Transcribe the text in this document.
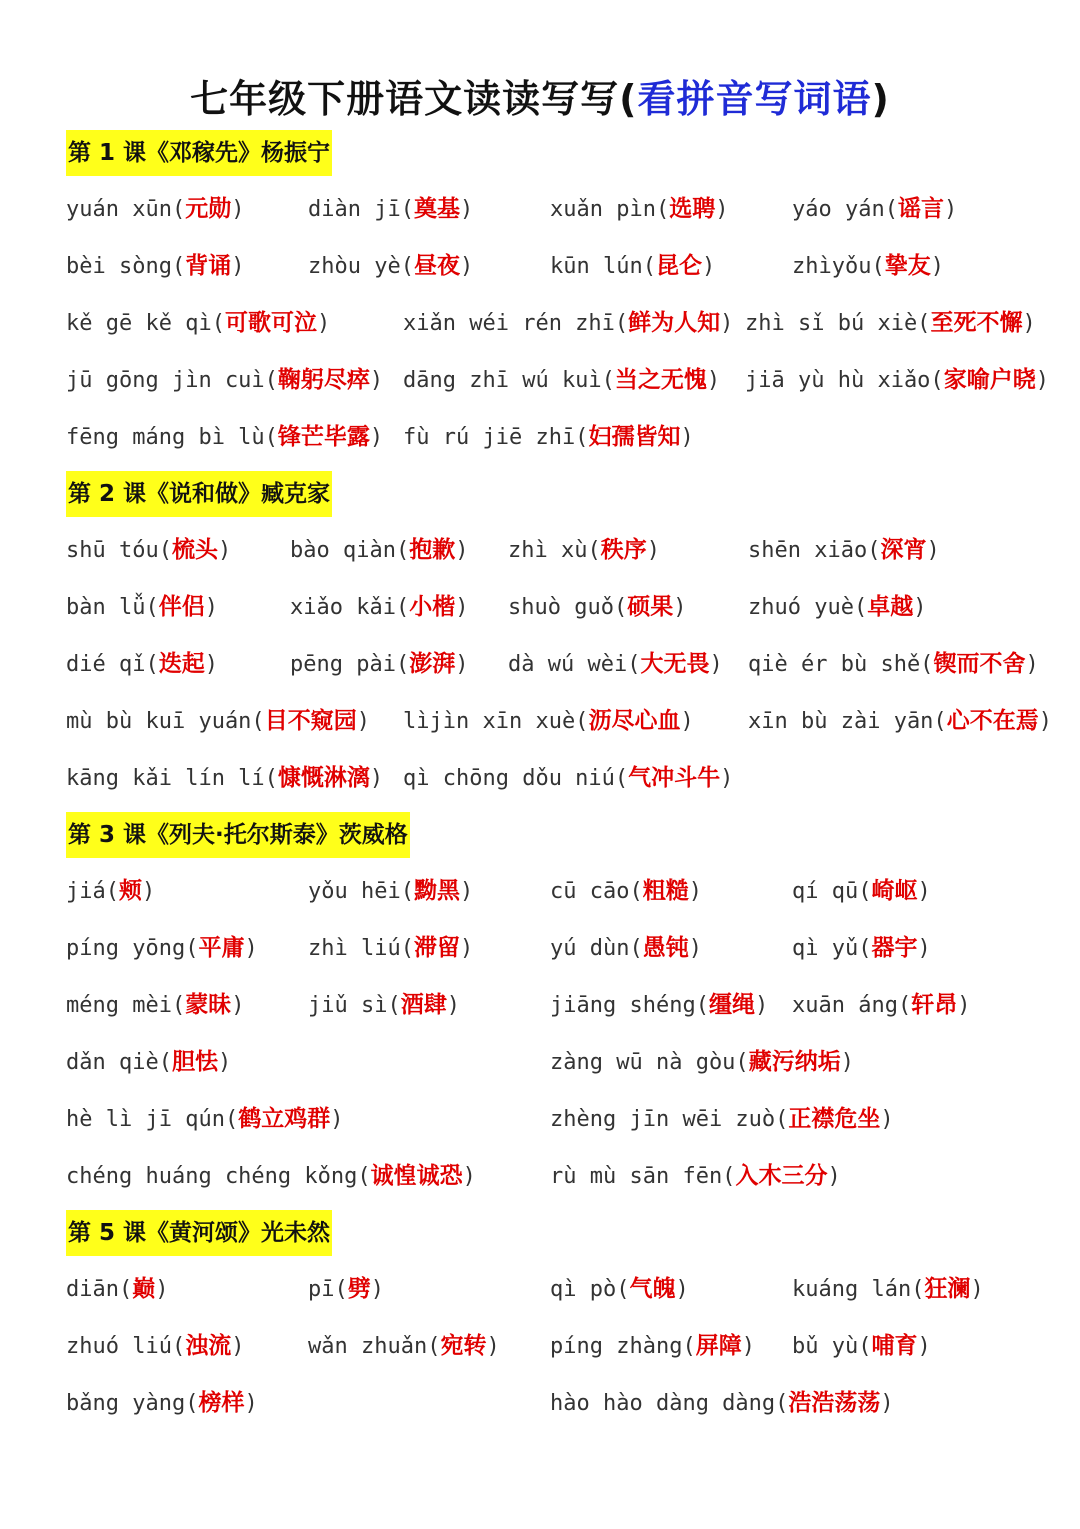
七年级下册语文读读写写(看拼音写词语)
第 1 课《邓稼先》杨振宁
第 2 课《说和做》臧克家
第 3 课《列夫·托尔斯泰》茨威格
第 5 课《黄河颂》光未然
yuán xūn(元勋)	diàn jī(奠基)	xuǎn pìn(选聘)	yáo yán(谣言)
bèi sòng(背诵)	zhòu yè(昼夜)	kūn lún(昆仑)	zhìyǒu(挚友)
kě gē kě qì(可歌可泣)	xiǎn wéi rén zhī(鲜为人知) zhì sǐ bú xiè(至死不懈)
jū gōng jìn cuì(鞠躬尽瘁) dāng zhī wú kuì(当之无愧) jiā yù hù xiǎo(家喻户晓)
fēng máng bì lù(锋芒毕露) fù rú jiē zhī(妇孺皆知)
shū tóu(梳头)	bào qiàn(抱歉) zhì xù(秩序)	shēn xiāo(深宵)
bàn lǚ(伴侣)	xiǎo kǎi(小楷) shuò guǒ(硕果)	zhuó yuè(卓越)
dié qǐ(迭起)	pēng pài(澎湃) dà wú wèi(大无畏) qiè ér bù shě(锲而不舍)
mù bù kuī yuán(目不窥园) lìjìn xīn xuè(沥尽心血) xīn bù zài yān(心不在焉)
kāng kǎi lín lí(慷慨淋漓) qì chōng dǒu niú(气冲斗牛)
jiá(颊)	yǒu hēi(黝黑)	cū cāo(粗糙)	qí qū(崎岖)
píng yōng(平庸) zhì liú(滞留)	yú dùn(愚钝)	qì yǔ(器宇)
méng mèi(蒙昧)	jiǔ sì(酒肆)	jiāng shéng(缰绳) xuān áng(轩昂)
dǎn qiè(胆怯)	zàng wū nà gòu(藏污纳垢)
hè lì jī qún(鹤立鸡群)	zhèng jīn wēi zuò(正襟危坐)
chéng huáng chéng kǒng(诚惶诚恐)	rù mù sān fēn(入木三分)
diān(巅)	pī(劈)	qì pò(气魄)	kuáng lán(狂澜)
zhuó liú(浊流)	wǎn zhuǎn(宛转) píng zhàng(屏障) bǔ yù(哺育)
bǎng yàng(榜样)	hào hào dàng dàng(浩浩荡荡)
